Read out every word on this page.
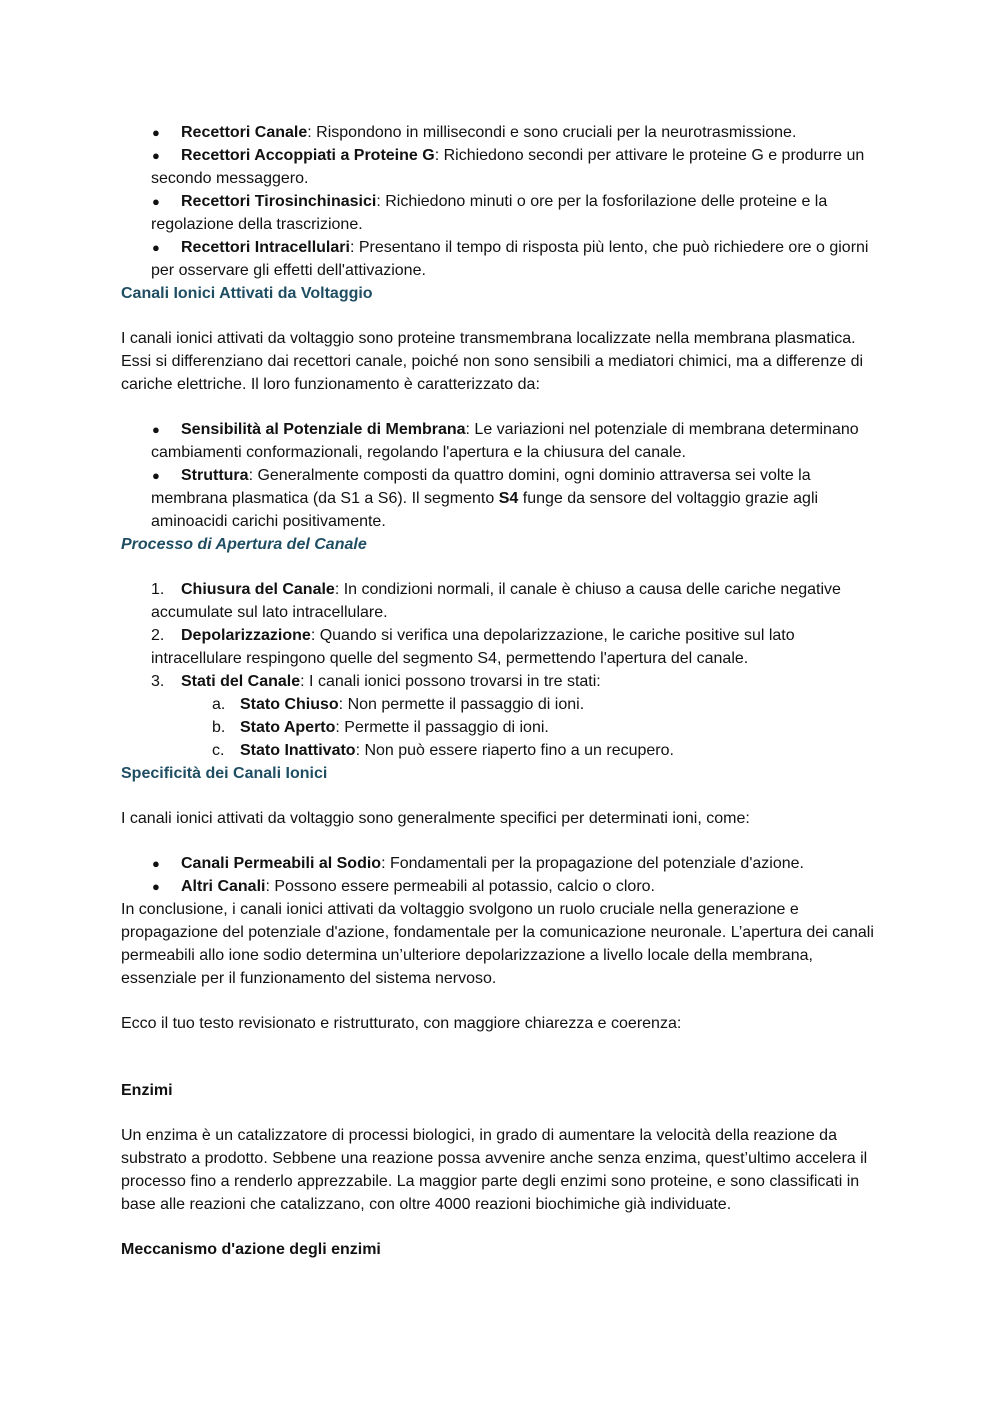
●	Recettori Canale: Rispondono in millisecondi e sono cruciali per la neurotrasmissione.
●	Recettori Accoppiati a Proteine G: Richiedono secondi per attivare le proteine G e produrre un secondo messaggero.
●	Recettori Tirosinchinasici: Richiedono minuti o ore per la fosforilazione delle proteine e la regolazione della trascrizione.
●	Recettori Intracellulari: Presentano il tempo di risposta più lento, che può richiedere ore o giorni per osservare gli effetti dell'attivazione.

Canali Ionici Attivati da Voltaggio

I canali ionici attivati da voltaggio sono proteine transmembrana localizzate nella membrana plasmatica. Essi si differenziano dai recettori canale, poiché non sono sensibili a mediatori chimici, ma a differenze di cariche elettriche. Il loro funzionamento è caratterizzato da:

●	Sensibilità al Potenziale di Membrana: Le variazioni nel potenziale di membrana determinano cambiamenti conformazionali, regolando l'apertura e la chiusura del canale.
●	Struttura: Generalmente composti da quattro domini, ogni dominio attraversa sei volte la membrana plasmatica (da S1 a S6). Il segmento S4 funge da sensore del voltaggio grazie agli aminoacidi carichi positivamente.

Processo di Apertura del Canale

1.	Chiusura del Canale: In condizioni normali, il canale è chiuso a causa delle cariche negative accumulate sul lato intracellulare.
2.	Depolarizzazione: Quando si verifica una depolarizzazione, le cariche positive sul lato intracellulare respingono quelle del segmento S4, permettendo l'apertura del canale.
3.	Stati del Canale: I canali ionici possono trovarsi in tre stati:
a. Stato Chiuso: Non permette il passaggio di ioni.
b. Stato Aperto: Permette il passaggio di ioni.
c. Stato Inattivato: Non può essere riaperto fino a un recupero.

Specificità dei Canali Ionici

I canali ionici attivati da voltaggio sono generalmente specifici per determinati ioni, come:

●	Canali Permeabili al Sodio: Fondamentali per la propagazione del potenziale d'azione.
●	Altri Canali: Possono essere permeabili al potassio, calcio o cloro.

In conclusione, i canali ionici attivati da voltaggio svolgono un ruolo cruciale nella generazione e propagazione del potenziale d'azione, fondamentale per la comunicazione neuronale. L’apertura dei canali permeabili allo ione sodio determina un’ulteriore depolarizzazione a livello locale della membrana, essenziale per il funzionamento del sistema nervoso.

Ecco il tuo testo revisionato e ristrutturato, con maggiore chiarezza e coerenza:

Enzimi

Un enzima è un catalizzatore di processi biologici, in grado di aumentare la velocità della reazione da substrato a prodotto. Sebbene una reazione possa avvenire anche senza enzima, quest’ultimo accelera il processo fino a renderlo apprezzabile. La maggior parte degli enzimi sono proteine, e sono classificati in base alle reazioni che catalizzano, con oltre 4000 reazioni biochimiche già individuate.

Meccanismo d'azione degli enzimi
